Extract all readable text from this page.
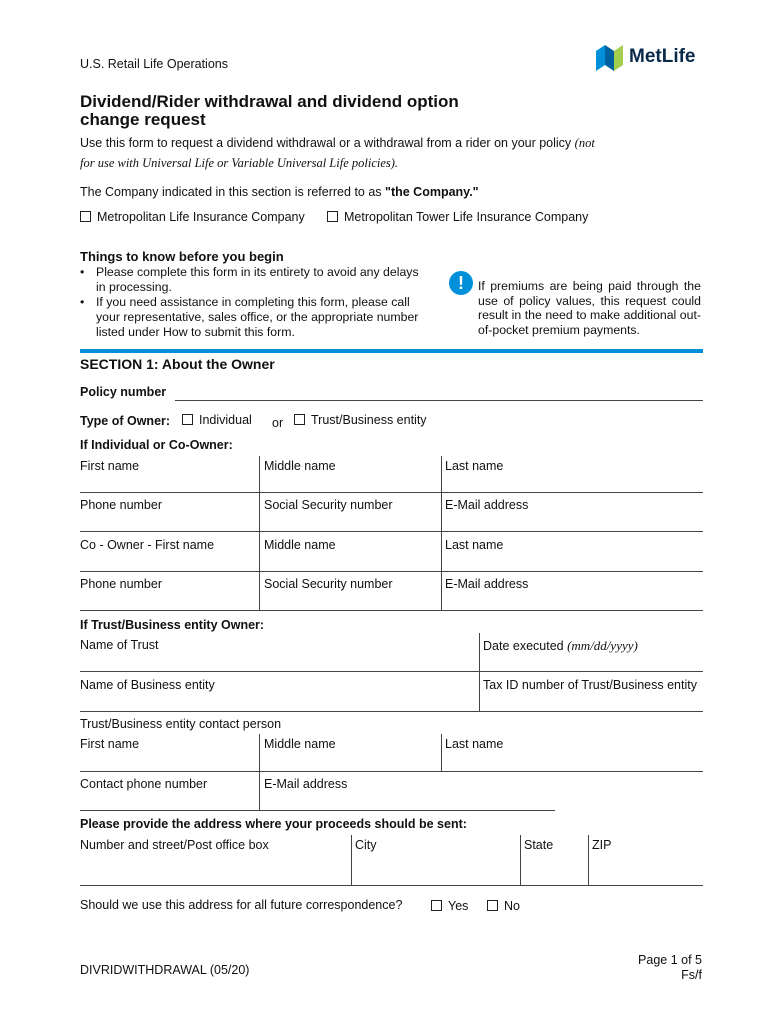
U.S. Retail Life Operations	MetLife
Dividend/Rider withdrawal and dividend option
change request
Use this form to request a dividend withdrawal or a withdrawal from a rider on your policy (not
for use with Universal Life or Variable Universal Life policies).
The Company indicated in this section is referred to as "the Company."
Metropolitan Life Insurance Company	Metropolitan Tower Life Insurance Company
Things to know before you begin
• Please complete this form in its entirety to avoid any delays in processing.
• If you need assistance in completing this form, please call your representative, sales office, or the appropriate number listed under How to submit this form.
!	If premiums are being paid through the use of policy values, this request could result in the need to make additional out-of-pocket premium payments.
SECTION 1: About the Owner
Policy number
Type of Owner:	Individual or	Trust/Business entity
If Individual or Co-Owner:
First name	Middle name	Last name
Phone number	Social Security number	E-Mail address
Co - Owner - First name	Middle name	Last name
Phone number	Social Security number	E-Mail address
If Trust/Business entity Owner:
Name of Trust	Date executed (mm/dd/yyyy)
Name of Business entity	Tax ID number of Trust/Business entity
Trust/Business entity contact person
First name	Middle name	Last name
Contact phone number	E-Mail address
Please provide the address where your proceeds should be sent:
Number and street/Post office box	City	State	ZIP
Should we use this address for all future correspondence?	Yes	No
DIVRIDWITHDRAWAL (05/20)
Page 1 of 5
Fs/f
